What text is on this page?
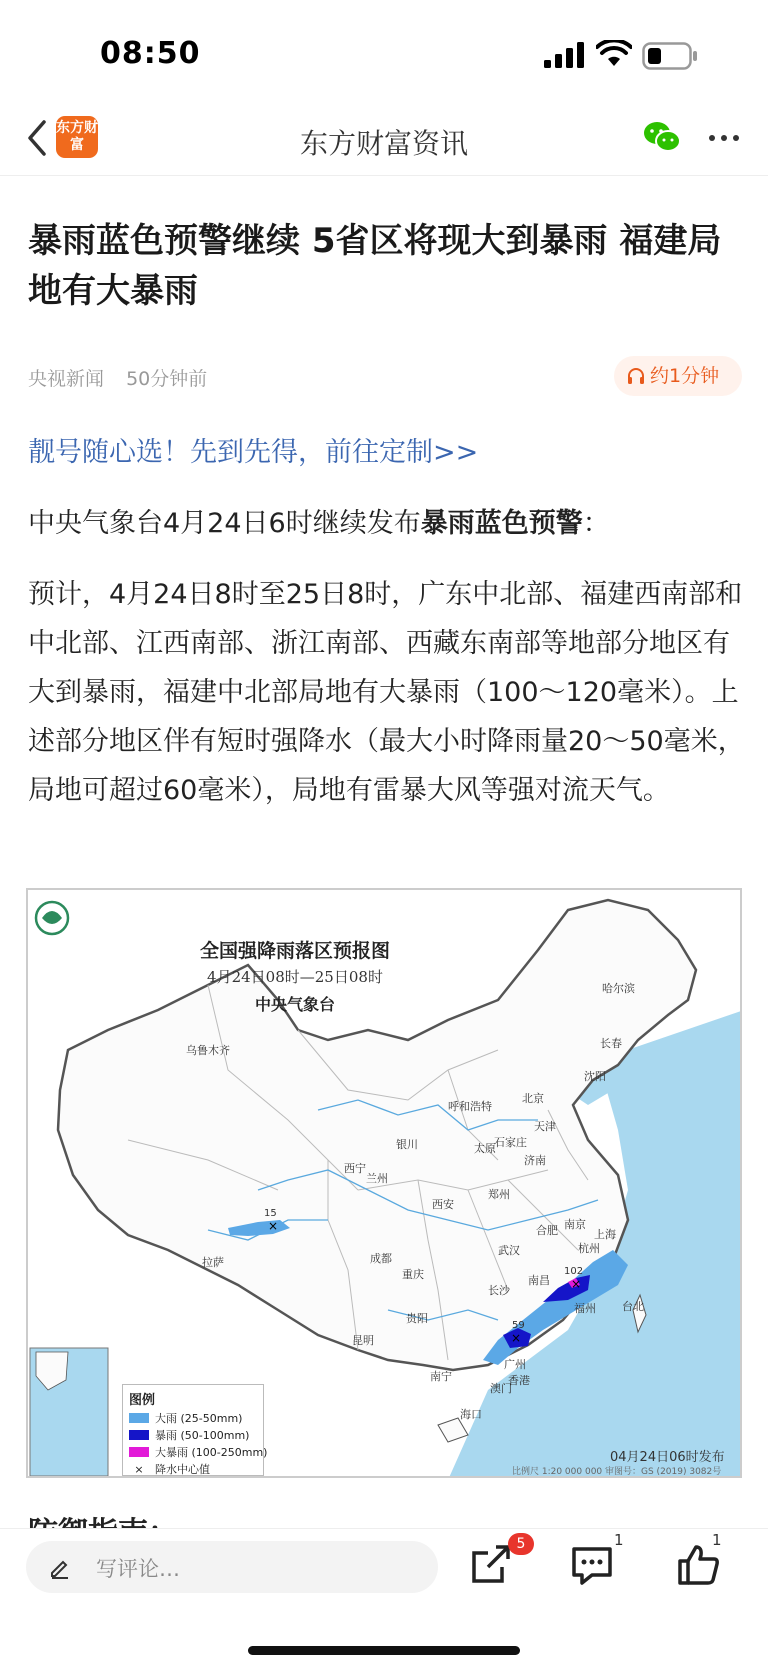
08:50
东方财富	东方财富资讯
暴雨蓝色预警继续 5省区将现大到暴雨 福建局地有大暴雨
央视新闻 50分钟前	约1分钟
靓号随心选！先到先得，前往定制>>

中央气象台4月24日6时继续发布暴雨蓝色预警：

预计，4月24日8时至25日8时，广东中北部、福建西南部和中北部、江西南部、浙江南部、西藏东南部等地部分地区有大到暴雨，福建中北部局地有大暴雨（100～120毫米）。上述部分地区伴有短时强降水（最大小时降雨量20～50毫米，局地可超过60毫米），局地有雷暴大风等强对流天气。

×
×
×
全国强降雨落区预报图
4月24日08时—25日08时
中央气象台
哈尔滨
长春
沈阳
乌鲁木齐
呼和浩特
北京
天津
石家庄
太原
济南
银川
西宁
兰州
郑州
西安
合肥 南京
上海
杭州
武汉
成都
拉萨
重庆	南昌
长沙
福州 台北
贵阳
昆明
广州
南宁	香港
澳门
海口
15
102
59
图例
大雨 (25-50mm)
暴雨 (50-100mm)
大暴雨 (100-250mm)
× 降水中心值
04月24日06时发布
比例尺 1:20 000 000 审图号：GS (2019) 3082号
写评论…
5	1	1
